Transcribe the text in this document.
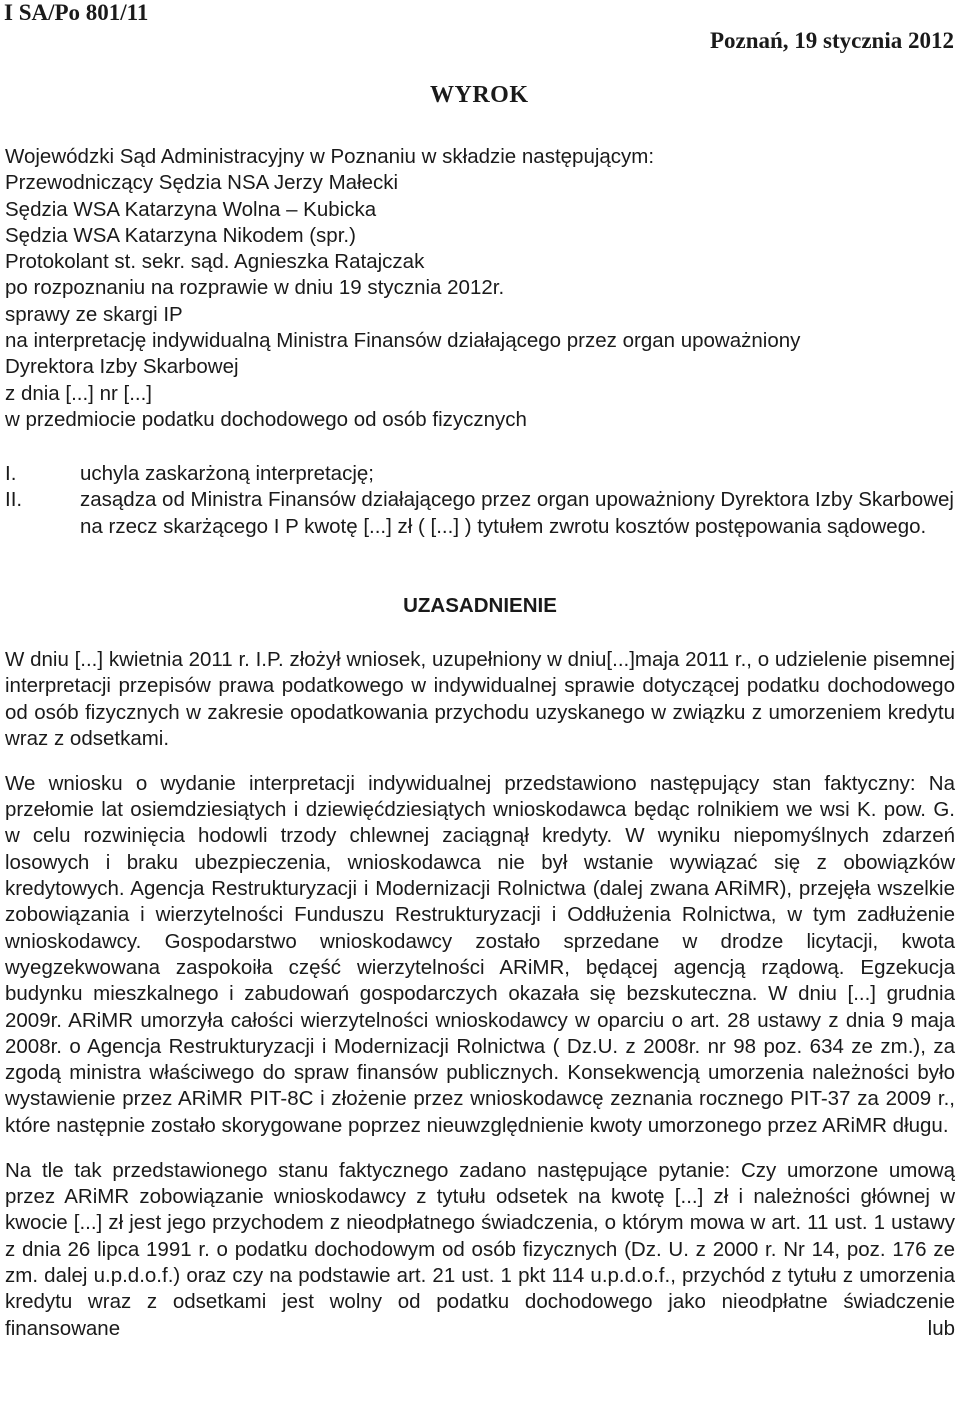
I SA/Po 801/11
Poznań, 19 stycznia 2012
WYROK
Wojewódzki Sąd Administracyjny w Poznaniu w składzie następującym:
Przewodniczący Sędzia NSA Jerzy Małecki
Sędzia WSA Katarzyna Wolna – Kubicka
Sędzia WSA Katarzyna Nikodem (spr.)
Protokolant st. sekr. sąd. Agnieszka Ratajczak
po rozpoznaniu na rozprawie w dniu 19 stycznia 2012r.
sprawy ze skargi IP
na interpretację indywidualną Ministra Finansów działającego przez organ upoważniony
Dyrektora Izby Skarbowej
z dnia [...] nr [...]
w przedmiocie podatku dochodowego od osób fizycznych
I.	uchyla zaskarżoną interpretację;
II.	zasądza od Ministra Finansów działającego przez organ upoważniony Dyrektora Izby Skarbowej na rzecz skarżącego I P kwotę [...] zł ( [...] ) tytułem zwrotu kosztów postępowania sądowego.
UZASADNIENIE

W dniu [...] kwietnia 2011 r. I.P. złożył wniosek, uzupełniony w dniu[...]maja 2011 r., o udzielenie pisemnej interpretacji przepisów prawa podatkowego w indywidualnej sprawie dotyczącej podatku dochodowego od osób fizycznych w zakresie opodatkowania przychodu uzyskanego w związku z umorzeniem kredytu wraz z odsetkami.

We wniosku o wydanie interpretacji indywidualnej przedstawiono następujący stan faktyczny: Na przełomie lat osiemdziesiątych i dziewięćdziesiątych wnioskodawca będąc rolnikiem we wsi K. pow. G. w celu rozwinięcia hodowli trzody chlewnej zaciągnął kredyty. W wyniku niepomyślnych zdarzeń losowych i braku ubezpieczenia, wnioskodawca nie był wstanie wywiązać się z obowiązków kredytowych. Agencja Restrukturyzacji i Modernizacji Rolnictwa (dalej zwana ARiMR), przejęła wszelkie zobowiązania i wierzytelności Funduszu Restrukturyzacji i Oddłużenia Rolnictwa, w tym zadłużenie wnioskodawcy. Gospodarstwo wnioskodawcy zostało sprzedane w drodze licytacji, kwota wyegzekwowana zaspokoiła część wierzytelności ARiMR, będącej agencją rządową. Egzekucja budynku mieszkalnego i zabudowań gospodarczych okazała się bezskuteczna. W dniu [...] grudnia 2009r. ARiMR umorzyła całości wierzytelności wnioskodawcy w oparciu o art. 28 ustawy z dnia 9 maja 2008r. o Agencja Restrukturyzacji i Modernizacji Rolnictwa ( Dz.U. z 2008r. nr 98 poz. 634 ze zm.), za zgodą ministra właściwego do spraw finansów publicznych. Konsekwencją umorzenia należności było wystawienie przez ARiMR PIT-8C i złożenie przez wnioskodawcę zeznania rocznego PIT-37 za 2009 r., które następnie zostało skorygowane poprzez nieuwzględnienie kwoty umorzonego przez ARiMR długu.

Na tle tak przedstawionego stanu faktycznego zadano następujące pytanie: Czy umorzone umową przez ARiMR zobowiązanie wnioskodawcy z tytułu odsetek na kwotę [...] zł i należności głównej w kwocie [...] zł jest jego przychodem z nieodpłatnego świadczenia, o którym mowa w art. 11 ust. 1 ustawy z dnia 26 lipca 1991 r. o podatku dochodowym od osób fizycznych (Dz. U. z 2000 r. Nr 14, poz. 176 ze zm. dalej u.p.d.o.f.) oraz czy na podstawie art. 21 ust. 1 pkt 114 u.p.d.o.f., przychód z tytułu z umorzenia kredytu wraz z odsetkami jest wolny od podatku dochodowego jako nieodpłatne świadczenie finansowane lub
